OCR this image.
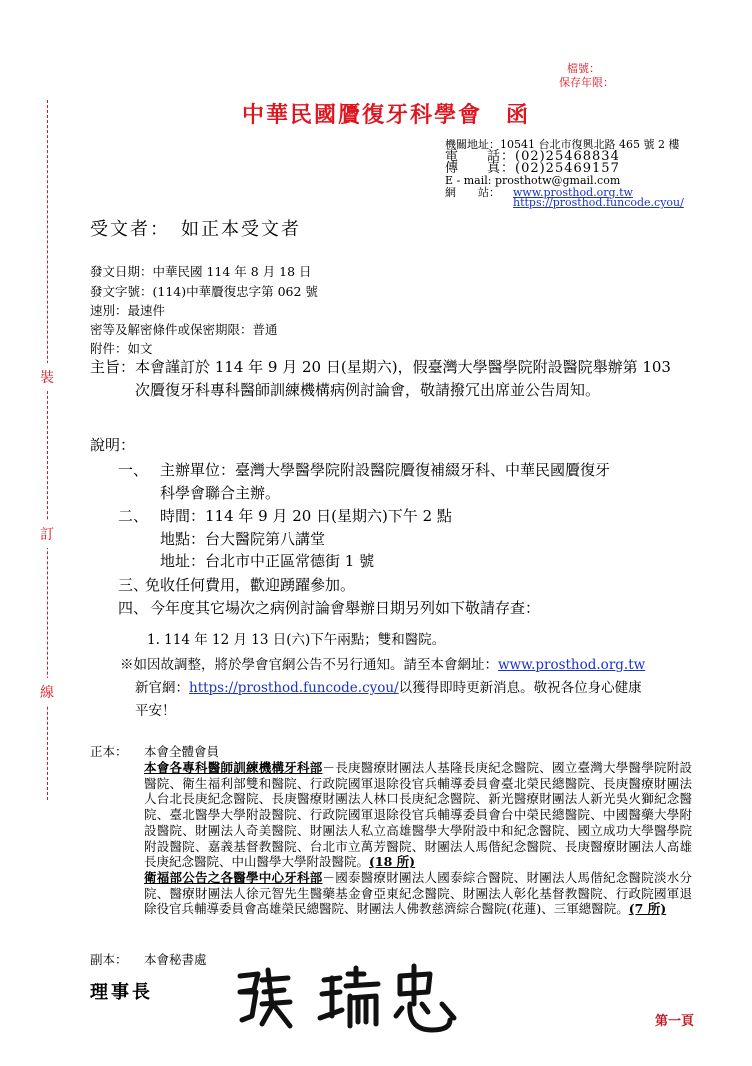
檔號：
保存年限：
裝
訂
線
中華民國贗復牙科學會　函
機關地址：10541 台北市復興北路 465 號 2 樓
電　　話：(02)25468834
傳　　真：(02)25469157
E - mail: prosthotw@gmail.com
網　　站： www.prosthod.org.tw
https://prosthod.funcode.cyou/
受文者：　如正本受文者
發文日期：中華民國 114 年 8 月 18 日
發文字號：(114)中華贗復忠字第 062 號
速別：最速件
密等及解密條件或保密期限：普通
附件：如文
主旨： 本會謹訂於 114 年 9 月 20 日(星期六)，假臺灣大學醫學院附設醫院舉辦第 103 次贗復牙科專科醫師訓練機構病例討論會，敬請撥冗出席並公告周知。
說明：
一、 主辦單位：臺灣大學醫學院附設醫院贗復補綴牙科、中華民國贗復牙
科學會聯合主辦。
二、 時間：114 年 9 月 20 日(星期六)下午 2 點
地點：台大醫院第八講堂
地址：台北市中正區常德街 1 號
三、
免收任何費用，歡迎踴躍參加。
四、 今年度其它場次之病例討論會舉辦日期另列如下敬請存查：
1. 114 年 12 月 13 日(六)下午兩點；雙和醫院。
※如因故調整，將於學會官網公告不另行通知。請至本會網址：www.prosthod.org.tw
新官網：https://prosthod.funcode.cyou/以獲得即時更新消息。敬祝各位身心健康
平安！
正本： 本會全體會員
本會各專科醫師訓練機構牙科部－長庚醫療財團法人基隆長庚紀念醫院、國立臺灣大學醫學院附設醫院、衛生福利部雙和醫院、行政院國軍退除役官兵輔導委員會臺北榮民總醫院、長庚醫療財團法人台北長庚紀念醫院、長庚醫療財團法人林口長庚紀念醫院、新光醫療財團法人新光吳火獅紀念醫院、臺北醫學大學附設醫院、行政院國軍退除役官兵輔導委員會台中榮民總醫院、中國醫藥大學附設醫院、財團法人奇美醫院、財團法人私立高雄醫學大學附設中和紀念醫院、國立成功大學醫學院附設醫院、嘉義基督教醫院、台北市立萬芳醫院、財團法人馬偕紀念醫院、長庚醫療財團法人高雄長庚紀念醫院、中山醫學大學附設醫院。(18 所)
衛福部公告之各醫學中心牙科部－國泰醫療財團法人國泰綜合醫院、財團法人馬偕紀念醫院淡水分院、醫療財團法人徐元智先生醫藥基金會亞東紀念醫院、財團法人彰化基督教醫院、行政院國軍退除役官兵輔導委員會高雄榮民總醫院、財團法人佛教慈濟綜合醫院(花蓮)、三軍總醫院。(7 所)
副本： 本會秘書處
理事長
第一頁
